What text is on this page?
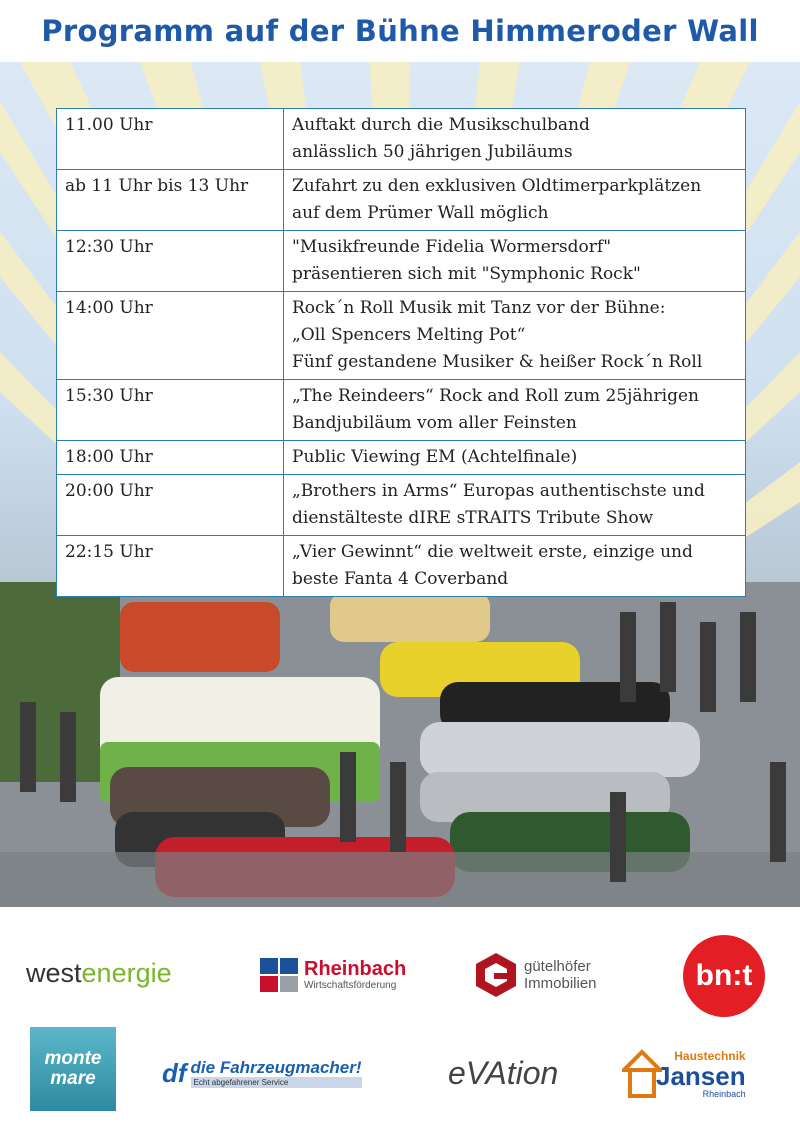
Programm auf der Bühne Himmeroder Wall
11.00 Uhr	Auftakt durch die Musikschulband
anlässlich 50 jährigen Jubiläums

ab 11 Uhr bis 13 Uhr	Zufahrt zu den exklusiven Oldtimerparkplätzen
auf dem Prümer Wall möglich

12:30 Uhr	"Musikfreunde Fidelia Wormersdorf"
präsentieren sich mit "Symphonic Rock"

14:00 Uhr	Rock´n Roll Musik mit Tanz vor der Bühne:
„Oll Spencers Melting Pot“
Fünf gestandene Musiker & heißer Rock´n Roll

15:30 Uhr	„The Reindeers“ Rock and Roll zum 25jährigen
Bandjubiläum vom aller Feinsten

18:00 Uhr	Public Viewing EM (Achtelfinale)

20:00 Uhr	„Brothers in Arms“ Europas authentischste und
dienstälteste dIRE sTRAITS Tribute Show

22:15 Uhr	„Vier Gewinnt“ die weltweit erste, einzige und
beste Fanta 4 Coverband
west energie	Rheinbach
Wirtschaftsförderung
gütelhöfer
Immobilien	bn:t
monte
mare	df die Fahrzeugmacher!
Echt abgefahrener Service	eVAtion	Haustechnik
Jansen
Rheinbach
